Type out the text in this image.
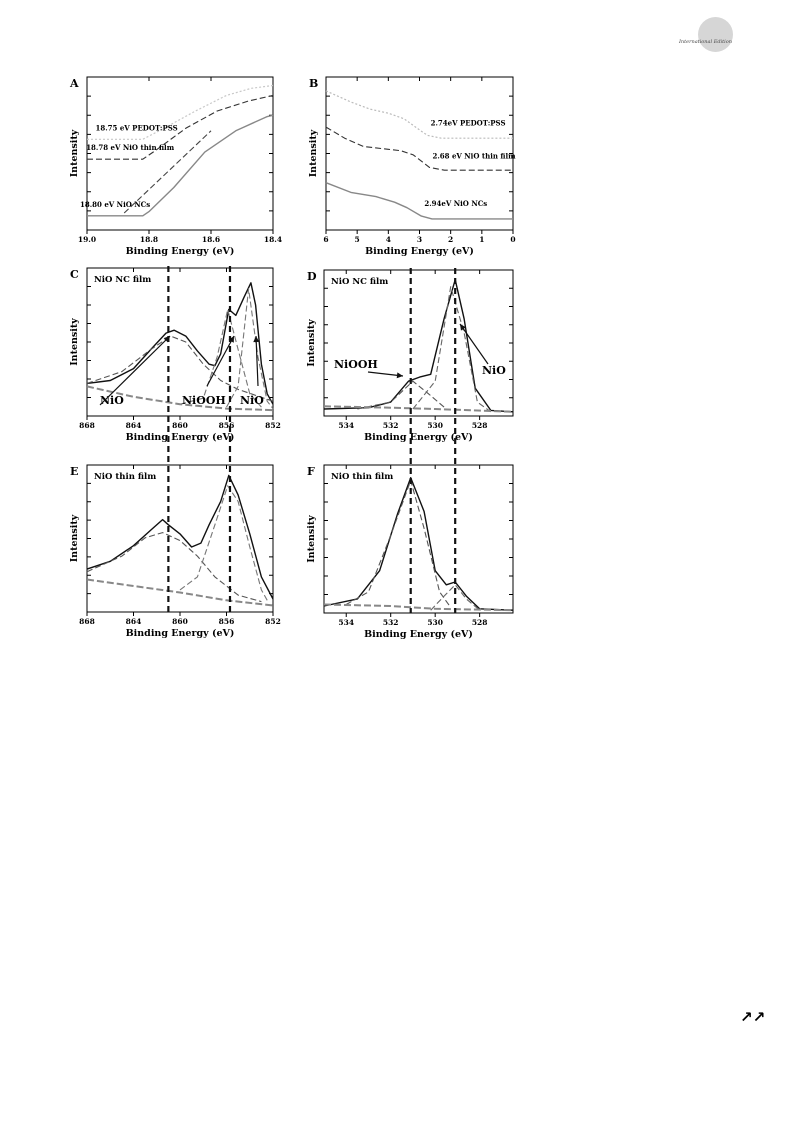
International Edition
19.0	18.8	18.6	18.4
Binding Energy (eV)
Intensity
A
18.75 eV PEDOT:PSS
18.78 eV NiO thin film
18.80 eV NiO NCs
6	5	4	3	2	1	0
Binding Energy (eV)
Intensity
B
2.74eV PEDOT:PSS
2.68 eV NiO thin film
2.94eV NiO NCs
868	864	860	856	852
Binding Energy (eV)
Intensity
C NiO NC film
NiO	NiOOH NiO
534	532	530	528
Binding Energy (eV)
Intensity
D NiO NC film
NiOOH	NiO
868	864	860	856	852
Binding Energy (eV)
Intensity
E NiO thin film
534	532	530	528
Binding Energy (eV)
Intensity
F NiO thin film
↗↗
